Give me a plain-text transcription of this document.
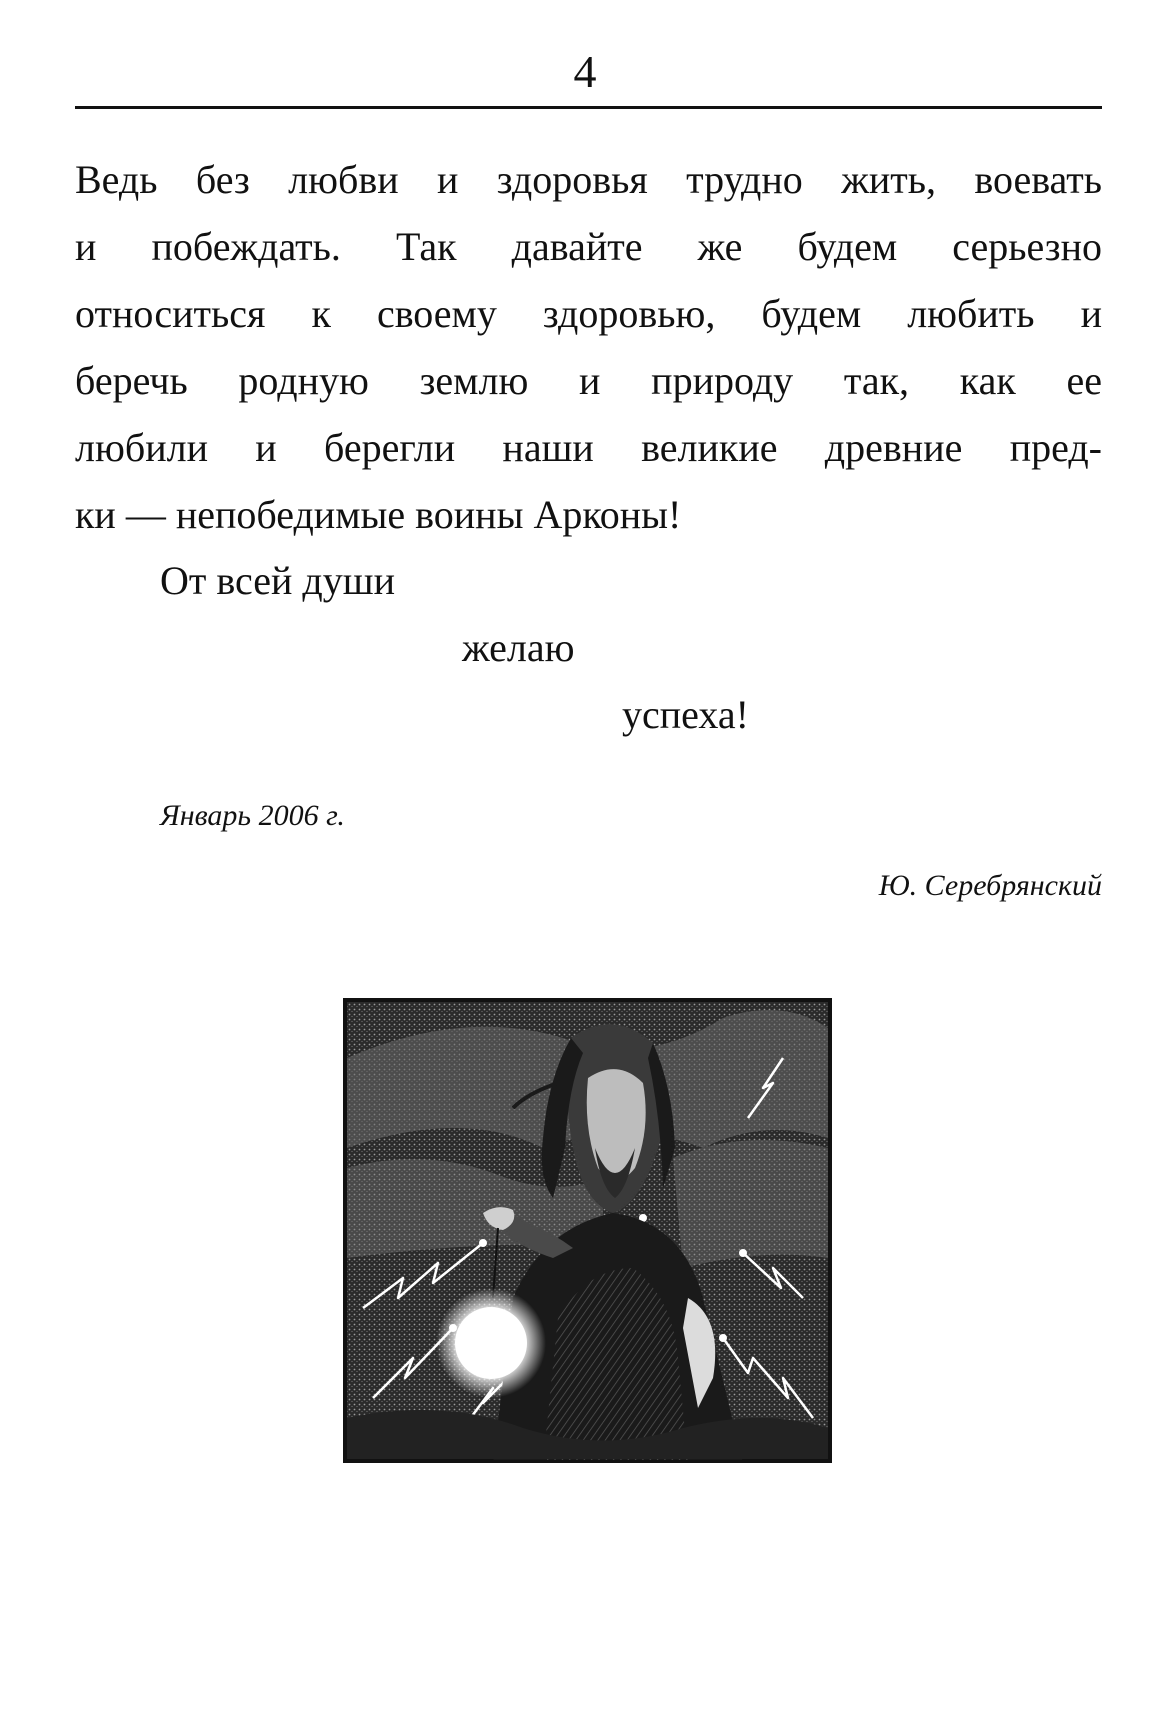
4
Ведь без любви и здоровья трудно жить, воевать
и побеждать. Так давайте же будем серьезно
относиться к своему здоровью, будем любить и
беречь родную землю и природу так, как ее
любили и берегли наши великие древние пред-
ки — непобедимые воины Арконы!
От всей души
желаю
успеха!
Январь 2006 г.
Ю. Серебрянский
